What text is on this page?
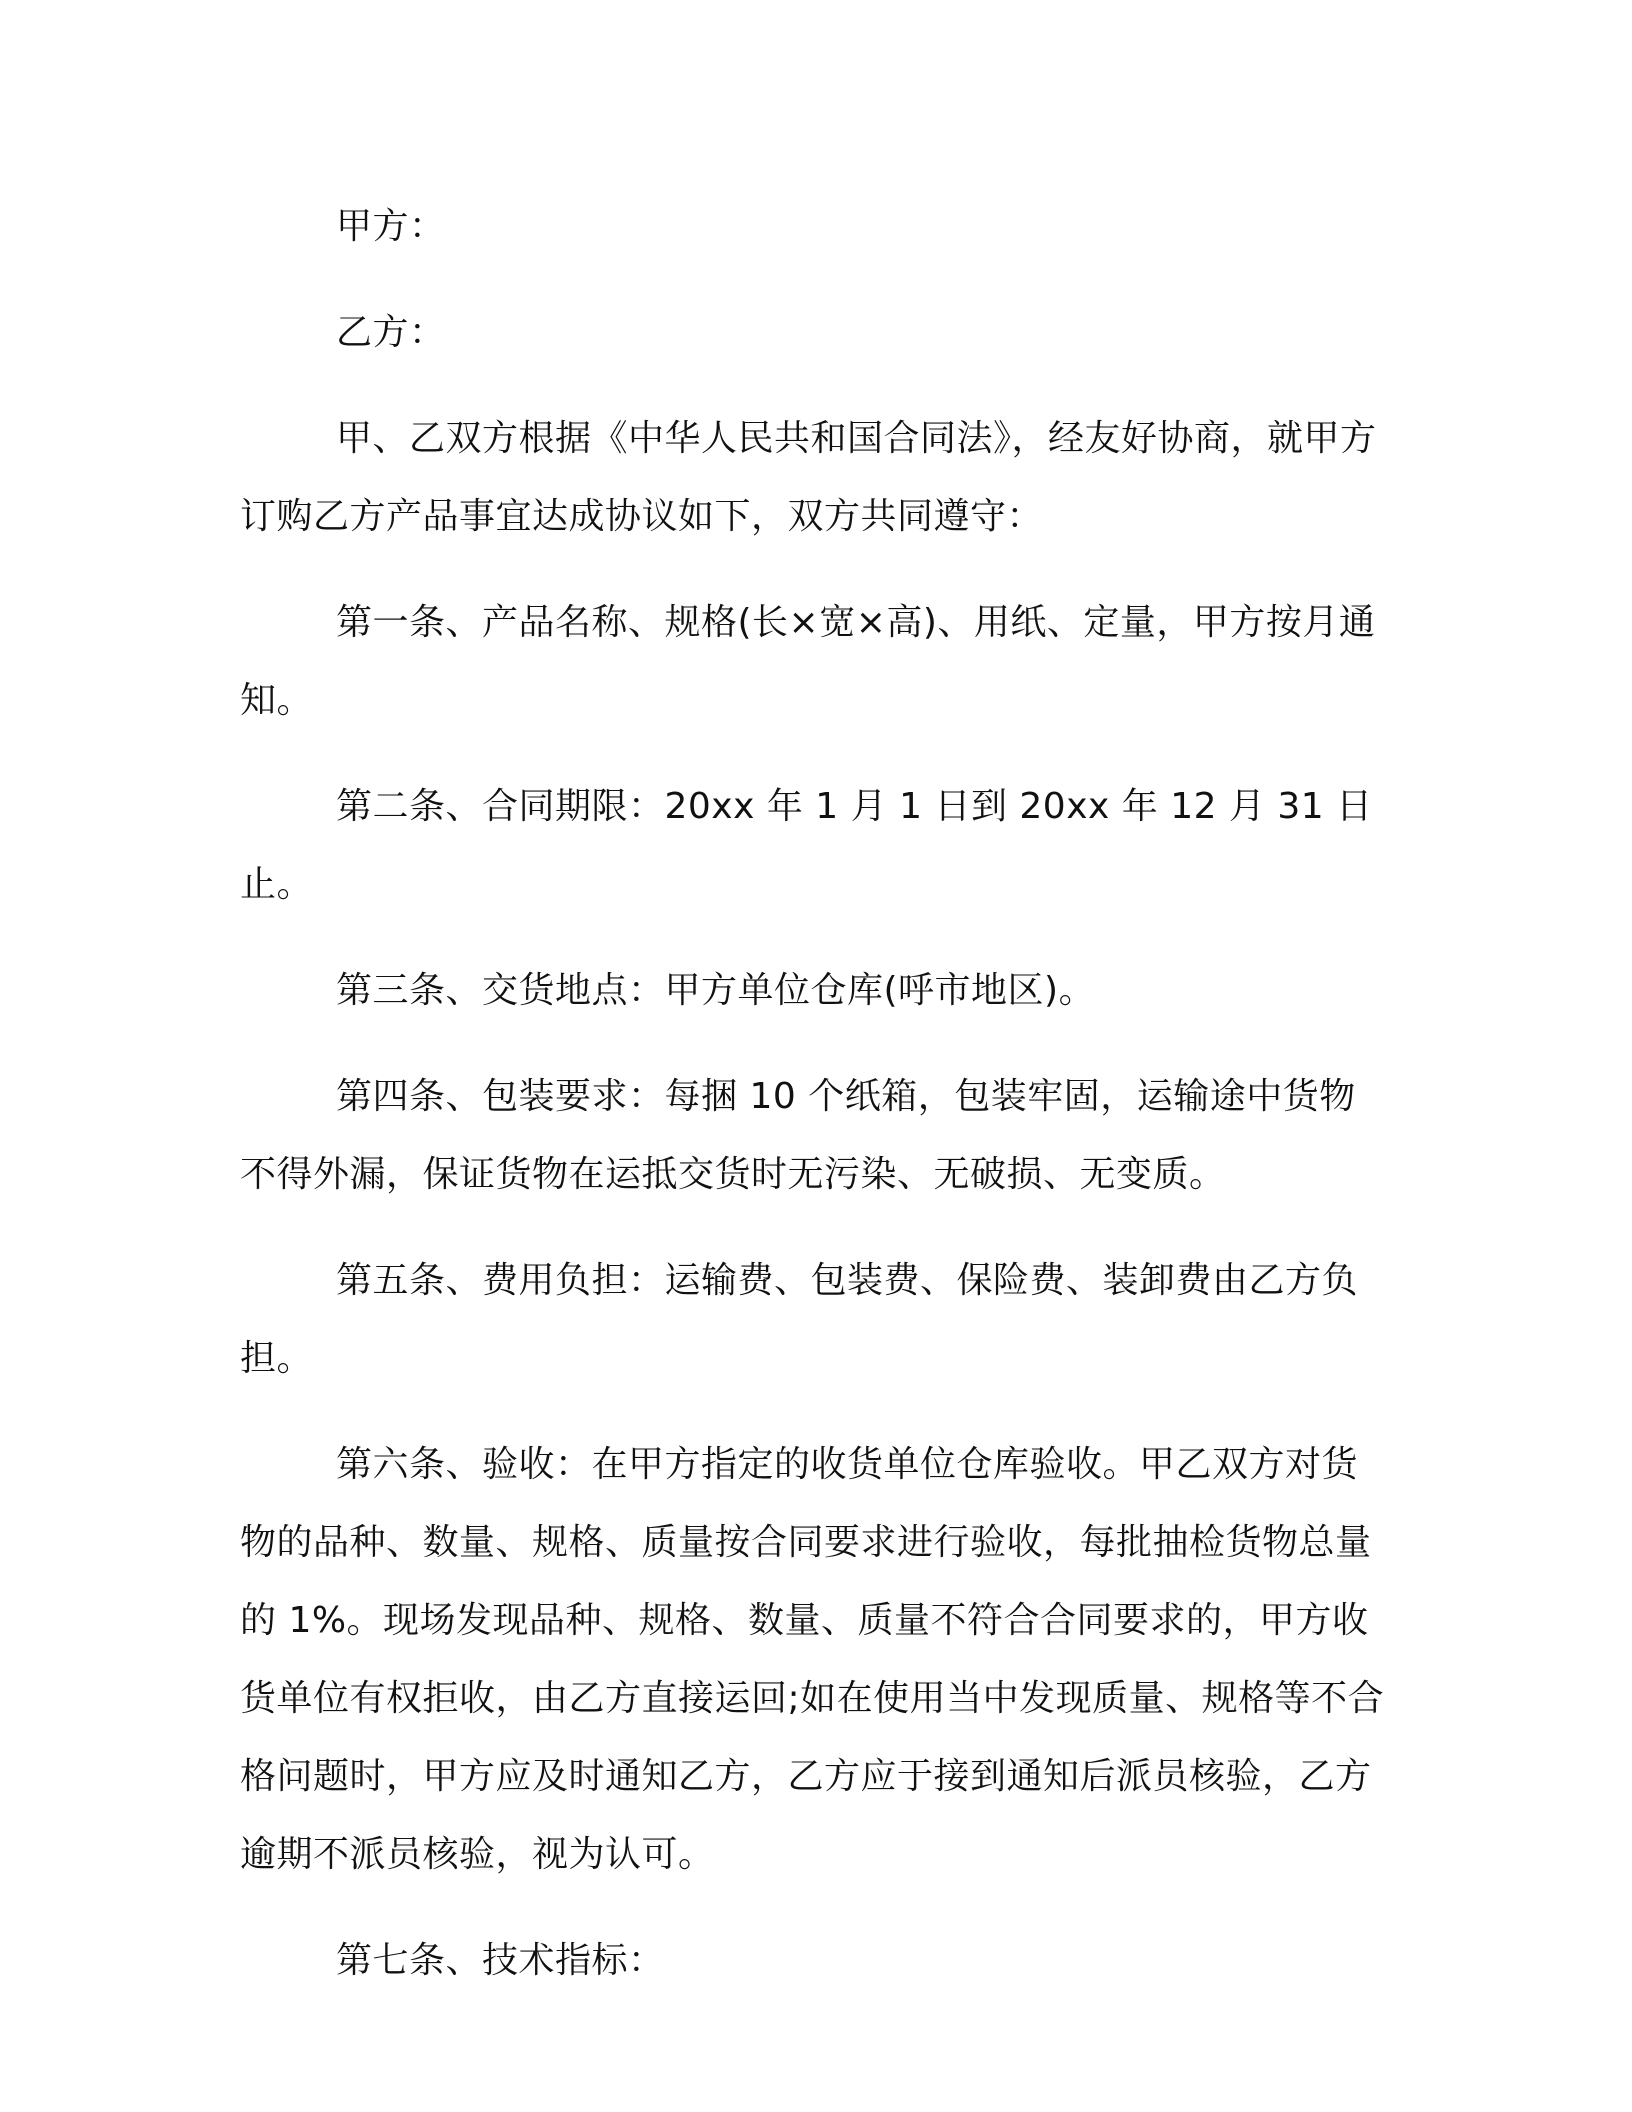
甲方：

乙方：

甲、乙双方根据《中华人民共和国合同法》，经友好协商，就甲方订购乙方产品事宜达成协议如下，双方共同遵守：

第一条、产品名称、规格(长×宽×高)、用纸、定量，甲方按月通知。

第二条、合同期限：20xx 年 1 月 1 日到 20xx 年 12 月 31 日止。

第三条、交货地点：甲方单位仓库(呼市地区)。

第四条、包装要求：每捆 10 个纸箱，包装牢固，运输途中货物不得外漏，保证货物在运抵交货时无污染、无破损、无变质。

第五条、费用负担：运输费、包装费、保险费、装卸费由乙方负担。

第六条、验收：在甲方指定的收货单位仓库验收。甲乙双方对货物的品种、数量、规格、质量按合同要求进行验收，每批抽检货物总量的 1%。现场发现品种、规格、数量、质量不符合合同要求的，甲方收货单位有权拒收，由乙方直接运回;如在使用当中发现质量、规格等不合格问题时，甲方应及时通知乙方，乙方应于接到通知后派员核验，乙方逾期不派员核验，视为认可。

第七条、技术指标：
